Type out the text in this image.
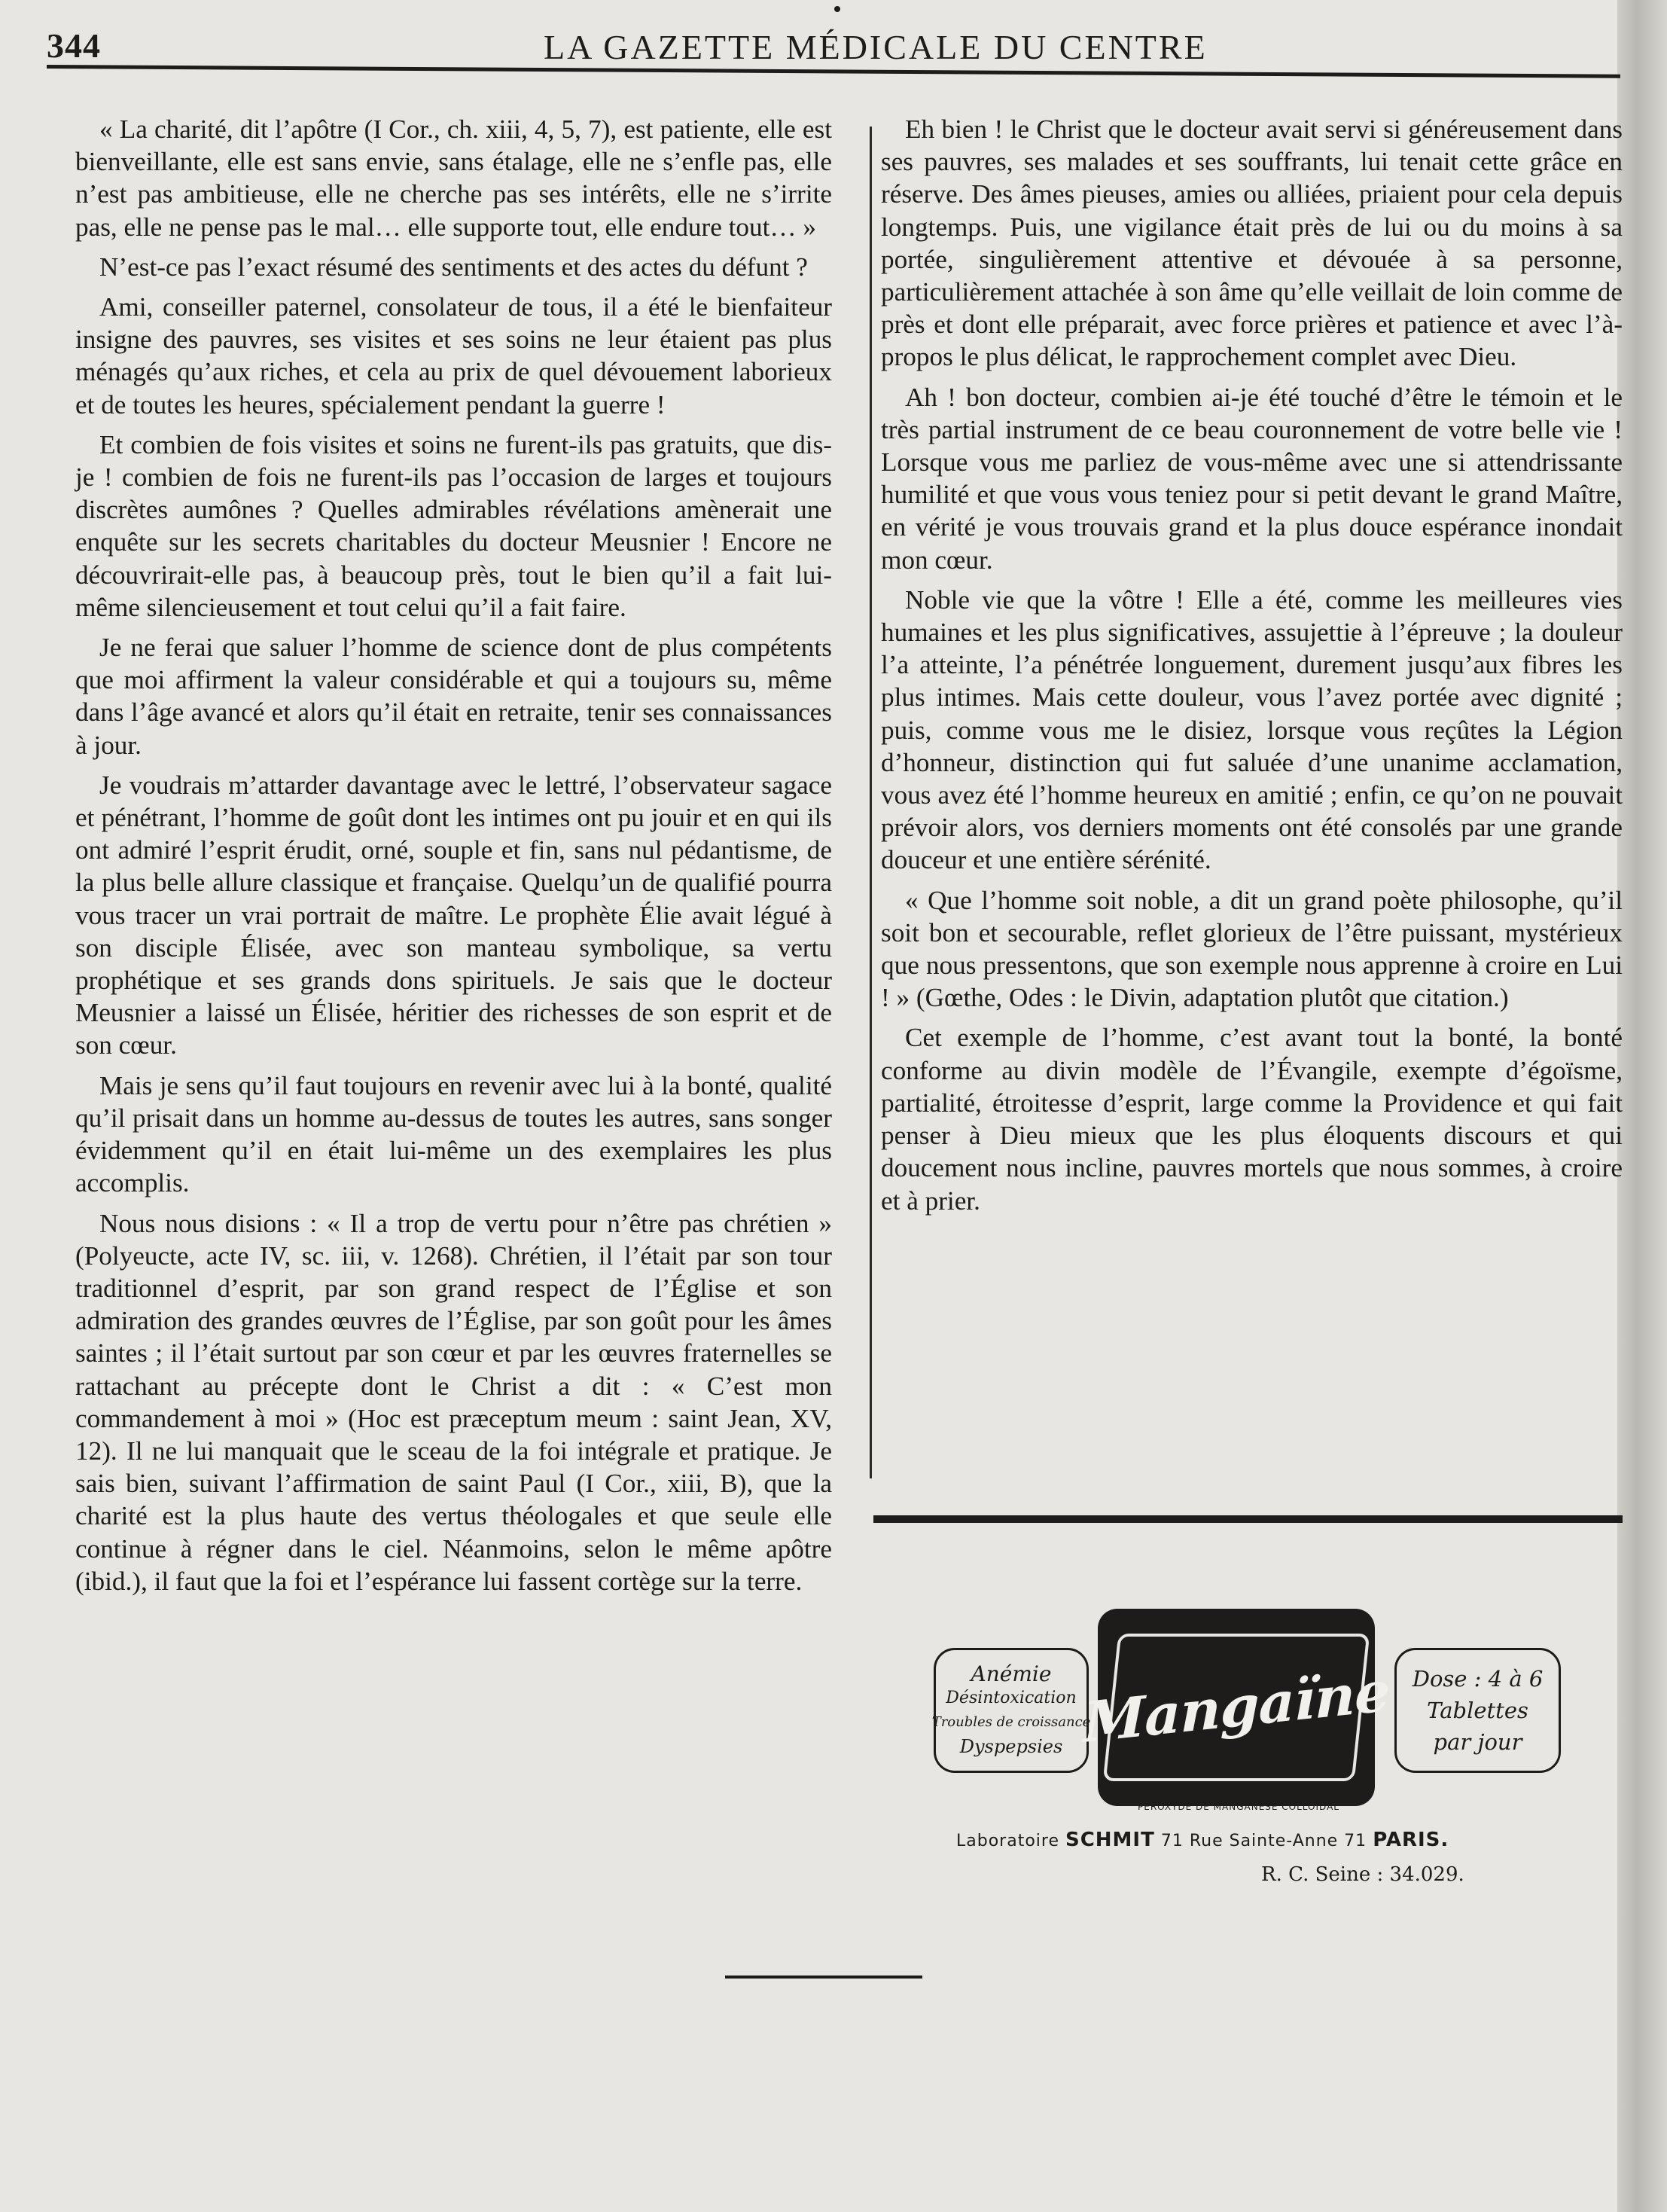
344	LA GAZETTE MÉDICALE DU CENTRE

« La charité, dit l’apôtre (I Cor., ch. xiii, 4, 5, 7), est patiente, elle est bienveillante, elle est sans envie, sans étalage, elle ne s’enfle pas, elle n’est pas ambitieuse, elle ne cherche pas ses intérêts, elle ne s’irrite pas, elle ne pense pas le mal… elle supporte tout, elle endure tout… »

N’est-ce pas l’exact résumé des sentiments et des actes du défunt ?

Ami, conseiller paternel, consolateur de tous, il a été le bienfaiteur insigne des pauvres, ses visites et ses soins ne leur étaient pas plus ménagés qu’aux riches, et cela au prix de quel dévouement laborieux et de toutes les heures, spécialement pendant la guerre !

Et combien de fois visites et soins ne furent-ils pas gratuits, que dis-je ! combien de fois ne furent-ils pas l’occasion de larges et toujours discrètes aumônes ? Quelles admirables révélations amènerait une enquête sur les secrets charitables du docteur Meusnier ! Encore ne découvrirait-elle pas, à beaucoup près, tout le bien qu’il a fait lui-même silencieusement et tout celui qu’il a fait faire.

Je ne ferai que saluer l’homme de science dont de plus compétents que moi affirment la valeur considérable et qui a toujours su, même dans l’âge avancé et alors qu’il était en retraite, tenir ses connaissances à jour.

Je voudrais m’attarder davantage avec le lettré, l’observateur sagace et pénétrant, l’homme de goût dont les intimes ont pu jouir et en qui ils ont admiré l’esprit érudit, orné, souple et fin, sans nul pédantisme, de la plus belle allure classique et française. Quelqu’un de qualifié pourra vous tracer un vrai portrait de maître. Le prophète Élie avait légué à son disciple Élisée, avec son manteau symbolique, sa vertu prophétique et ses grands dons spirituels. Je sais que le docteur Meusnier a laissé un Élisée, héritier des richesses de son esprit et de son cœur.

Mais je sens qu’il faut toujours en revenir avec lui à la bonté, qualité qu’il prisait dans un homme au-dessus de toutes les autres, sans songer évidemment qu’il en était lui-même un des exemplaires les plus accomplis.

Nous nous disions : « Il a trop de vertu pour n’être pas chrétien » (Polyeucte, acte IV, sc. iii, v. 1268). Chrétien, il l’était par son tour traditionnel d’esprit, par son grand respect de l’Église et son admiration des grandes œuvres de l’Église, par son goût pour les âmes saintes ; il l’était surtout par son cœur et par les œuvres fraternelles se rattachant au précepte dont le Christ a dit : « C’est mon commandement à moi » (Hoc est præceptum meum : saint Jean, XV, 12). Il ne lui manquait que le sceau de la foi intégrale et pratique. Je sais bien, suivant l’affirmation de saint Paul (I Cor., xiii, B), que la charité est la plus haute des vertus théologales et que seule elle continue à régner dans le ciel. Néanmoins, selon le même apôtre (ibid.), il faut que la foi et l’espérance lui fassent cortège sur la terre.

Eh bien ! le Christ que le docteur avait servi si généreusement dans ses pauvres, ses malades et ses souffrants, lui tenait cette grâce en réserve. Des âmes pieuses, amies ou alliées, priaient pour cela depuis longtemps. Puis, une vigilance était près de lui ou du moins à sa portée, singulièrement attentive et dévouée à sa personne, particulièrement attachée à son âme qu’elle veillait de loin comme de près et dont elle préparait, avec force prières et patience et avec l’à-propos le plus délicat, le rapprochement complet avec Dieu.

Ah ! bon docteur, combien ai-je été touché d’être le témoin et le très partial instrument de ce beau couronnement de votre belle vie ! Lorsque vous me parliez de vous-même avec une si attendrissante humilité et que vous vous teniez pour si petit devant le grand Maître, en vérité je vous trouvais grand et la plus douce espérance inondait mon cœur.

Noble vie que la vôtre ! Elle a été, comme les meilleures vies humaines et les plus significatives, assujettie à l’épreuve ; la douleur l’a atteinte, l’a pénétrée longuement, durement jusqu’aux fibres les plus intimes. Mais cette douleur, vous l’avez portée avec dignité ; puis, comme vous me le disiez, lorsque vous reçûtes la Légion d’honneur, distinction qui fut saluée d’une unanime acclamation, vous avez été l’homme heureux en amitié ; enfin, ce qu’on ne pouvait prévoir alors, vos derniers moments ont été consolés par une grande douceur et une entière sérénité.

« Que l’homme soit noble, a dit un grand poète philosophe, qu’il soit bon et secourable, reflet glorieux de l’être puissant, mystérieux que nous pressentons, que son exemple nous apprenne à croire en Lui ! » (Gœthe, Odes : le Divin, adaptation plutôt que citation.)

Cet exemple de l’homme, c’est avant tout la bonté, la bonté conforme au divin modèle de l’Évangile, exempte d’égoïsme, partialité, étroitesse d’esprit, large comme la Providence et qui fait penser à Dieu mieux que les plus éloquents discours et qui doucement nous incline, pauvres mortels que nous sommes, à croire et à prier.

Anémie
Désintoxication
Troubles de croissance
Dyspepsies Mangaïne Dose : 4 à 6
Tablettes
par jour
PEROXYDE DE MANGANÈSE COLLOÏDAL
Laboratoire SCHMIT 71 Rue Sainte-Anne 71 PARIS.
R. C. Seine : 34.029.
